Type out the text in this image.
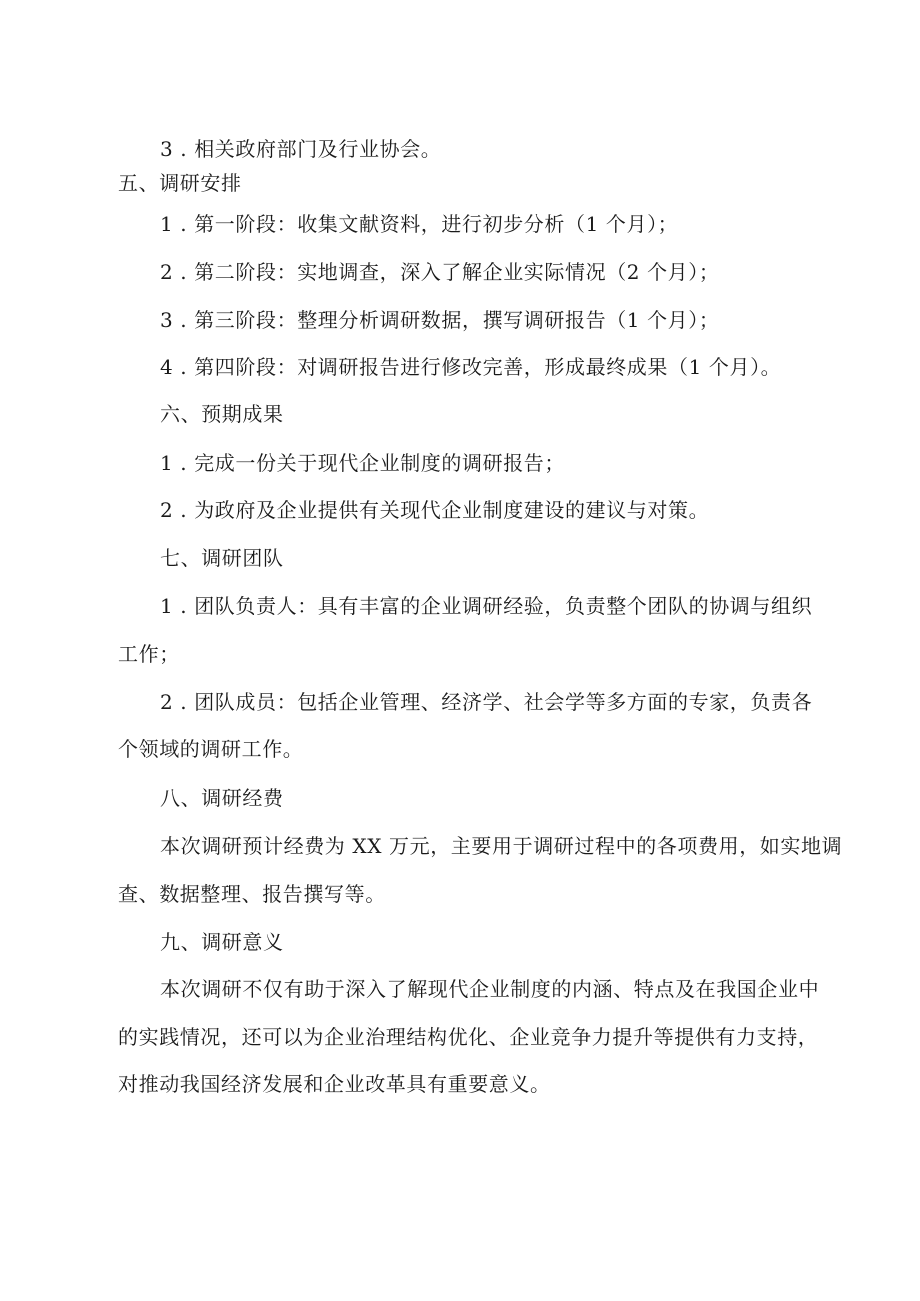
3 . 相关政府部门及行业协会。
五、调研安排
1 . 第一阶段：收集文献资料，进行初步分析（1 个月）；
2 . 第二阶段：实地调查，深入了解企业实际情况（2 个月）；
3 . 第三阶段：整理分析调研数据，撰写调研报告（1 个月）；
4 . 第四阶段：对调研报告进行修改完善，形成最终成果（1 个月）。
六、预期成果
1 . 完成一份关于现代企业制度的调研报告；
2 . 为政府及企业提供有关现代企业制度建设的建议与对策。
七、调研团队
1 . 团队负责人：具有丰富的企业调研经验，负责整个团队的协调与组织
工作；
2 . 团队成员：包括企业管理、经济学、社会学等多方面的专家，负责各
个领域的调研工作。
八、调研经费
本次调研预计经费为 XX 万元，主要用于调研过程中的各项费用，如实地调
查、数据整理、报告撰写等。
九、调研意义
本次调研不仅有助于深入了解现代企业制度的内涵、特点及在我国企业中
的实践情况，还可以为企业治理结构优化、企业竞争力提升等提供有力支持，
对推动我国经济发展和企业改革具有重要意义。
